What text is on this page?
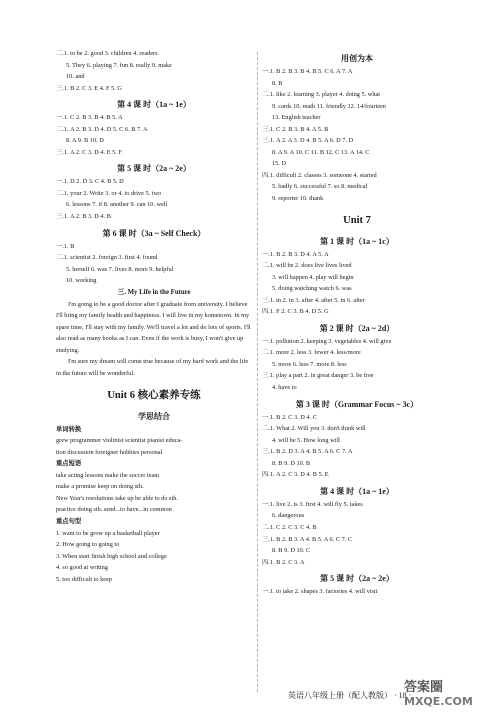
二.1. to be 2. good 3. children 4. readers
5. They 6. playing 7. fun 8. really 9. make
10. and
三.1. B 2. C 3. E 4. F 5. G
第 4 课 时（1a ~ 1e）
一.1. C 2. B 3. B 4. B 5. A
二.1. A 2. B 3. D 4. D 5. C 6. B 7. A
8. A 9. B 10. D
三.1. A 2. C 3. D 4. E 5. F
第 5 课 时（2a ~ 2e）
一.1. D 2. D 3. C 4. B 5. D
二.1. your 2. Write 3. or 4. to drive 5. two
6. lessons 7. if 8. another 9. can 10. well
三.1. A 2. B 3. D 4. B
第 6 课 时（3a ~ Self Check）
一.1. B
二.1. scientist 2. foreign 3. first 4. found
5. herself 6. was 7. lives 8. more 9. helpful
10. working
三. My Life in the Future

I'm going to be a good doctor after I graduate from university. I believe I'll bring my family health and happiness. I will live in my hometown. In my spare time, I'll stay with my family. We'll travel a lot and do lots of sports. I'll also read as many books as I can. Even if the work is busy, I won't give up studying.

I'm sure my dream will come true because of my hard work and the life in the future will be wonderful.

Unit 6 核心素养专练
学思结合
单词转换
grew programmer violinist scientist pianist educa-
tion discussion foreigner hobbies personal
重点短语
take acting lessons make the soccer team
make a promise keep on doing sth.
New Year's resolutions take up be able to do sth.
practice doing sth. send...to have...in common
重点句型
1. want to be grow up a basketball player
2. How going to going to
3. When start finish high school and college
4. so good at writing
5. too difficult to keep
用创为本
一.1. B 2. B 3. B 4. B 5. C 6. A 7. A
8. B
二.1. like 2. learning 3. player 4. doing 5. what
9. cards 10. math 11. friendly 12. 14/fourteen
13. English teacher
三.1. C 2. B 3. B 4. A 5. B
三.1. A 2. A 3. D 4. B 5. A 6. D 7. D
8. A 9. A 10. C 11. B 12. C 13. A 14. C
15. D
四.1. difficult 2. classes 3. someone 4. started
5. badly 6. successful 7. so 8. medical
9. reporter 10. thank
Unit 7
第 1 课 时（1a ~ 1c）
一.1. B 2. B 3. D 4. A 5. A
二.1. will be 2. does live lives lived
3. will happen 4. play will begin
5. doing watching watch 6. was
三.1. in 2. in 3. after 4. after 5. in 6. after
四.1. F 2. C 3. B 4. D 5. G
第 2 课 时（2a ~ 2d）
一.1. pollution 2. keeping 3. vegetables 4. will give
二.1. more 2. less 3. fewer 4. less/more
5. more 6. less 7. more 8. less
三.1. play a part 2. in great danger 3. be free
4. have to
第 3 课 时（Grammar Focus ~ 3c）
一.1. B 2. C 3. D 4. C
二.1. What 2. Will you 3. don't think will
4. will be 5. How long will
三.1. B 2. D 3. A 4. B 5. A 6. C 7. A
8. B 9. D 10. B
四.1. A 2. C 3. D 4. B 5. E
第 4 课 时（1a ~ 1e）
一.1. live 2. is 3. first 4. will fly 5. takes
6. dangerous
二.1. C 2. C 3. C 4. B
三.1. B 2. B 3. A 4. B 5. A 6. C 7. C
8. B 9. D 10. C
四.1. B 2. C 3. A
第 5 课 时（2a ~ 2e）
一.1. to take 2. shapes 3. factories 4. will visit
英语八年级上册（配人教版） · 18 ·
答案圈
MXQE.COM
